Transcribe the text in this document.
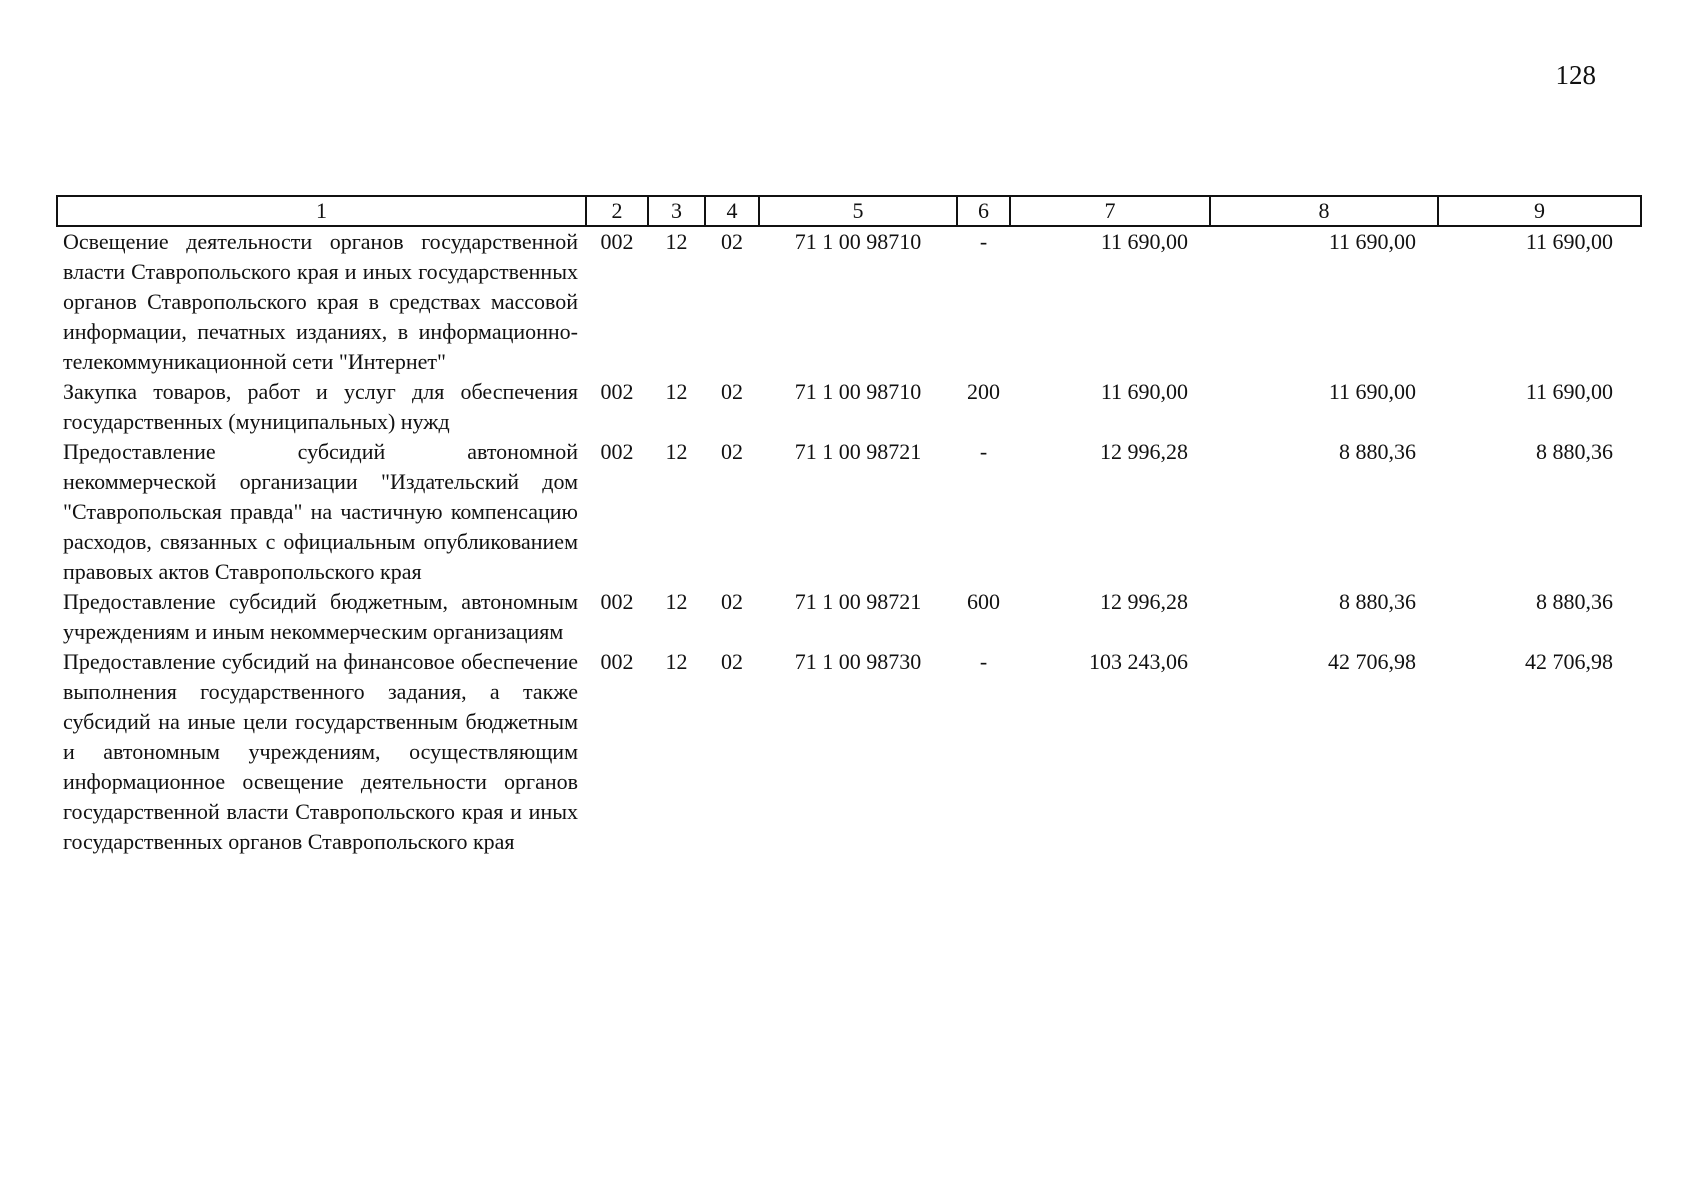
128
1	2	3	4	5	6	7	8	9
Освещение деятельности органов государственной власти Ставропольского края и иных государственных органов Ставропольского края в средствах массовой информации, печатных изданиях, в информационно-телекоммуникационной сети "Интернет"	002	12	02	71 1 00 98710	-	11 690,00	11 690,00	11 690,00
Закупка товаров, работ и услуг для обеспечения государственных (муниципальных) нужд	002	12	02	71 1 00 98710	200	11 690,00	11 690,00	11 690,00
Предоставление субсидий автономной некоммерческой организации "Издательский дом "Ставропольская правда" на частичную компенсацию расходов, связанных с официальным опубликованием правовых актов Ставропольского края	002	12	02	71 1 00 98721	-	12 996,28	8 880,36	8 880,36
Предоставление субсидий бюджетным, автономным учреждениям и иным некоммерческим организациям	002	12	02	71 1 00 98721	600	12 996,28	8 880,36	8 880,36
Предоставление субсидий на финансовое обеспечение выполнения государственного задания, а также субсидий на иные цели государственным бюджетным и автономным учреждениям, осуществляющим информационное освещение деятельности органов государственной власти Ставропольского края и иных государственных органов Ставропольского края	002	12	02	71 1 00 98730	-	103 243,06	42 706,98	42 706,98
